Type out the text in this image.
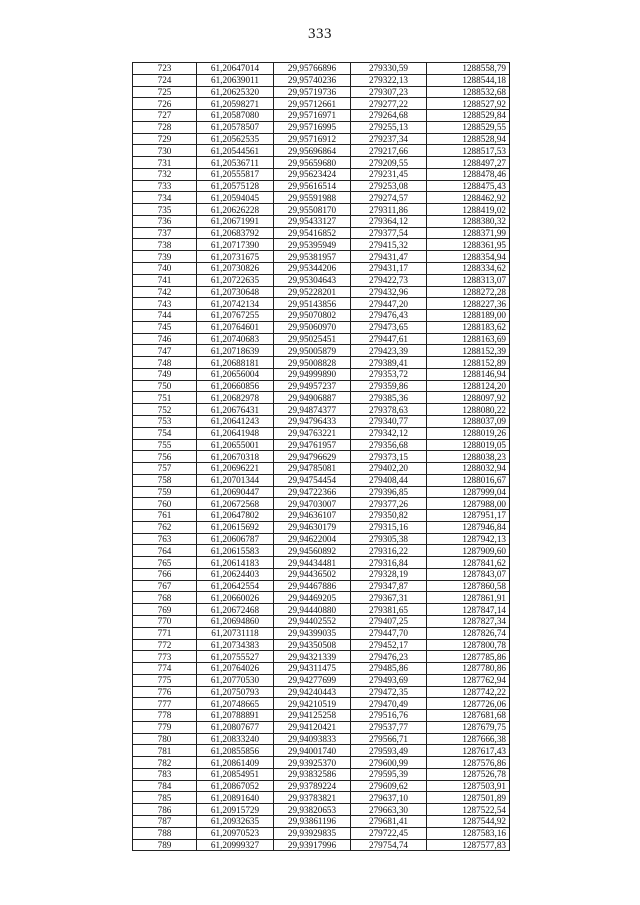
333
723	61,20647014	29,95766896	279330,59	1288558,79
724	61,20639011	29,95740236	279322,13	1288544,18
725	61,20625320	29,95719736	279307,23	1288532,68
726	61,20598271	29,95712661	279277,22	1288527,92
727	61,20587080	29,95716971	279264,68	1288529,84
728	61,20578507	29,95716995	279255,13	1288529,55
729	61,20562535	29,95716912	279237,34	1288528,94
730	61,20544561	29,95696864	279217,66	1288517,53
731	61,20536711	29,95659680	279209,55	1288497,27
732	61,20555817	29,95623424	279231,45	1288478,46
733	61,20575128	29,95616514	279253,08	1288475,43
734	61,20594045	29,95591988	279274,57	1288462,92
735	61,20626228	29,95508170	279311,86	1288419,02
736	61,20671991	29,95433127	279364,12	1288380,32
737	61,20683792	29,95416852	279377,54	1288371,99
738	61,20717390	29,95395949	279415,32	1288361,95
739	61,20731675	29,95381957	279431,47	1288354,94
740	61,20730826	29,95344206	279431,17	1288334,62
741	61,20722635	29,95304643	279422,73	1288313,07
742	61,20730648	29,95228201	279432,96	1288272,28
743	61,20742134	29,95143856	279447,20	1288227,36
744	61,20767255	29,95070802	279476,43	1288189,00
745	61,20764601	29,95060970	279473,65	1288183,62
746	61,20740683	29,95025451	279447,61	1288163,69
747	61,20718639	29,95005879	279423,39	1288152,39
748	61,20688181	29,95008828	279389,41	1288152,89
749	61,20656004	29,94999890	279353,72	1288146,94
750	61,20660856	29,94957237	279359,86	1288124,20
751	61,20682978	29,94906887	279385,36	1288097,92
752	61,20676431	29,94874377	279378,63	1288080,22
753	61,20641243	29,94796433	279340,77	1288037,09
754	61,20641948	29,94763221	279342,12	1288019,26
755	61,20655001	29,94761957	279356,68	1288019,05
756	61,20670318	29,94796629	279373,15	1288038,23
757	61,20696221	29,94785081	279402,20	1288032,94
758	61,20701344	29,94754454	279408,44	1288016,67
759	61,20690447	29,94722366	279396,85	1287999,04
760	61,20672568	29,94703007	279377,26	1287988,00
761	61,20647802	29,94636107	279350,82	1287951,17
762	61,20615692	29,94630179	279315,16	1287946,84
763	61,20606787	29,94622004	279305,38	1287942,13
764	61,20615583	29,94560892	279316,22	1287909,60
765	61,20614183	29,94434481	279316,84	1287841,62
766	61,20624403	29,94436502	279328,19	1287843,07
767	61,20642554	29,94467886	279347,87	1287860,58
768	61,20660026	29,94469205	279367,31	1287861,91
769	61,20672468	29,94440880	279381,65	1287847,14
770	61,20694860	29,94402552	279407,25	1287827,34
771	61,20731118	29,94399035	279447,70	1287826,74
772	61,20734383	29,94350508	279452,17	1287800,78
773	61,20755527	29,94321339	279476,23	1287785,86
774	61,20764026	29,94311475	279485,86	1287780,86
775	61,20770530	29,94277699	279493,69	1287762,94
776	61,20750793	29,94240443	279472,35	1287742,22
777	61,20748665	29,94210519	279470,49	1287726,06
778	61,20788891	29,94125258	279516,76	1287681,68
779	61,20807677	29,94120421	279537,77	1287679,75
780	61,20833240	29,94093833	279566,71	1287666,38
781	61,20855856	29,94001740	279593,49	1287617,43
782	61,20861409	29,93925370	279600,99	1287576,86
783	61,20854951	29,93832586	279595,39	1287526,78
784	61,20867052	29,93789224	279609,62	1287503,91
785	61,20891640	29,93783821	279637,10	1287501,89
786	61,20915729	29,93820653	279663,30	1287522,54
787	61,20932635	29,93861196	279681,41	1287544,92
788	61,20970523	29,93929835	279722,45	1287583,16
789	61,20999327	29,93917996	279754,74	1287577,83
